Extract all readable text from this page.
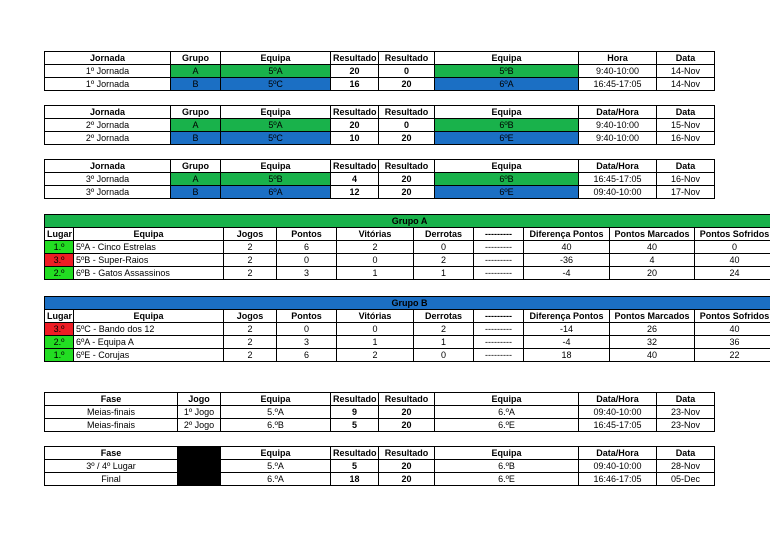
Jornada	Grupo	Equipa	Resultado	Resultado	Equipa	Hora	Data
1º Jornada	A	5ºA	20	0	5ºB	9:40-10:00	14-Nov
1º Jornada	B	5ºC	16	20	6ºA	16:45-17:05	14-Nov
Jornada	Grupo	Equipa	Resultado	Resultado	Equipa	Data/Hora	Data
2º Jornada	A	5ºA	20	0	6ºB	9:40-10:00	15-Nov
2º Jornada	B	5ºC	10	20	6ºE	9:40-10:00	16-Nov
Jornada	Grupo	Equipa	Resultado	Resultado	Equipa	Data/Hora	Data
3º Jornada	A	5ºB	4	20	6ºB	16:45-17:05	16-Nov
3º Jornada	B	6ºA	12	20	6ºE	09:40-10:00	17-Nov
Grupo A									
Lugar	Equipa	Jogos	Pontos	Vitórias	Derrotas	---------	Diferença Pontos	Pontos Marcados	Pontos Sofridos
1.º	5ºA - Cinco Estrelas	2	6	2	0	---------	40	40	0
3.º	5ºB - Super-Raios	2	0	0	2	---------	-36	4	40
2.º	6ºB - Gatos Assassinos	2	3	1	1	---------	-4	20	24
Grupo B									
Lugar	Equipa	Jogos	Pontos	Vitórias	Derrotas	---------	Diferença Pontos	Pontos Marcados	Pontos Sofridos
3.º	5ºC - Bando dos 12	2	0	0	2	---------	-14	26	40
2.º	6ºA - Equipa A	2	3	1	1	---------	-4	32	36
1.º	6ºE - Corujas	2	6	2	0	---------	18	40	22
Fase	Jogo	Equipa	Resultado	Resultado	Equipa	Data/Hora	Data
Meias-finais	1º Jogo	5.ºA	9	20	6.ºA	09:40-10:00	23-Nov
Meias-finais	2º Jogo	6.ºB	5	20	6.ºE	16:45-17:05	23-Nov
Fase		Equipa	Resultado	Resultado	Equipa	Data/Hora	Data
3º / 4º Lugar		5.ºA	5	20	6.ºB	09:40-10:00	28-Nov
Final		6.ºA	18	20	6.ºE	16:46-17:05	05-Dec
